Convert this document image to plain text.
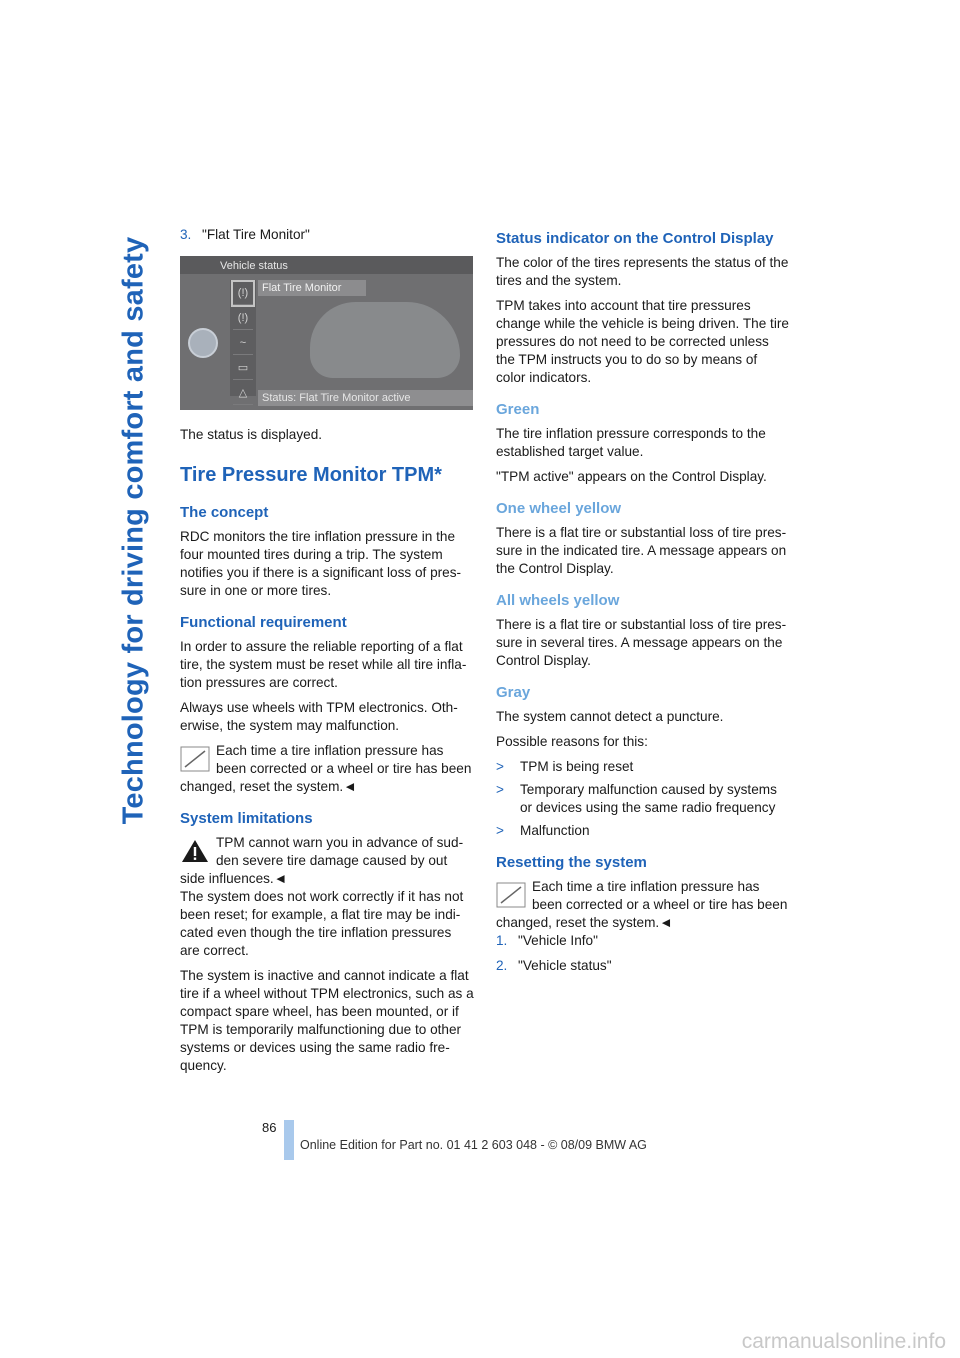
Technology for driving comfort and safety

3. "Flat Tire Monitor"

Vehicle status
(!)
(!)
~
▭
△
Flat Tire Monitor
Status: Flat Tire Monitor active

The status is displayed.

Tire Pressure Monitor TPM*
The concept

RDC monitors the tire inflation pressure in the four mounted tires during a trip. The system notifies you if there is a significant loss of pressure in one or more tires.

Functional requirement

In order to assure the reliable reporting of a flat tire, the system must be reset while all tire inflation pressures are correct.

Always use wheels with TPM electronics. Otherwise, the system may malfunction.

Each time a tire inflation pressure has been corrected or a wheel or tire has been
changed, reset the system.◄
System limitations
TPM cannot warn you in advance of sudden severe tire damage caused by out
side influences.◄

The system does not work correctly if it has not been reset; for example, a flat tire may be indicated even though the tire inflation pressures are correct.

The system is inactive and cannot indicate a flat tire if a wheel without TPM electronics, such as a compact spare wheel, has been mounted, or if TPM is temporarily malfunctioning due to other systems or devices using the same radio frequency.

Status indicator on the Control Display

The color of the tires represents the status of the tires and the system.

TPM takes into account that tire pressures change while the vehicle is being driven. The tire pressures do not need to be corrected unless the TPM instructs you to do so by means of color indicators.

Green

The tire inflation pressure corresponds to the established target value.

"TPM active" appears on the Control Display.

One wheel yellow

There is a flat tire or substantial loss of tire pressure in the indicated tire. A message appears on the Control Display.

All wheels yellow

There is a flat tire or substantial loss of tire pressure in several tires. A message appears on the Control Display.

Gray

The system cannot detect a puncture.

Possible reasons for this:

> TPM is being reset
> Temporary malfunction caused by systems or devices using the same radio frequency
> Malfunction
Resetting the system
Each time a tire inflation pressure has been corrected or a wheel or tire has been
changed, reset the system.◄

1. "Vehicle Info"

2. "Vehicle status"

86
Online Edition for Part no. 01 41 2 603 048 - © 08/09 BMW AG
carmanualsonline.info
